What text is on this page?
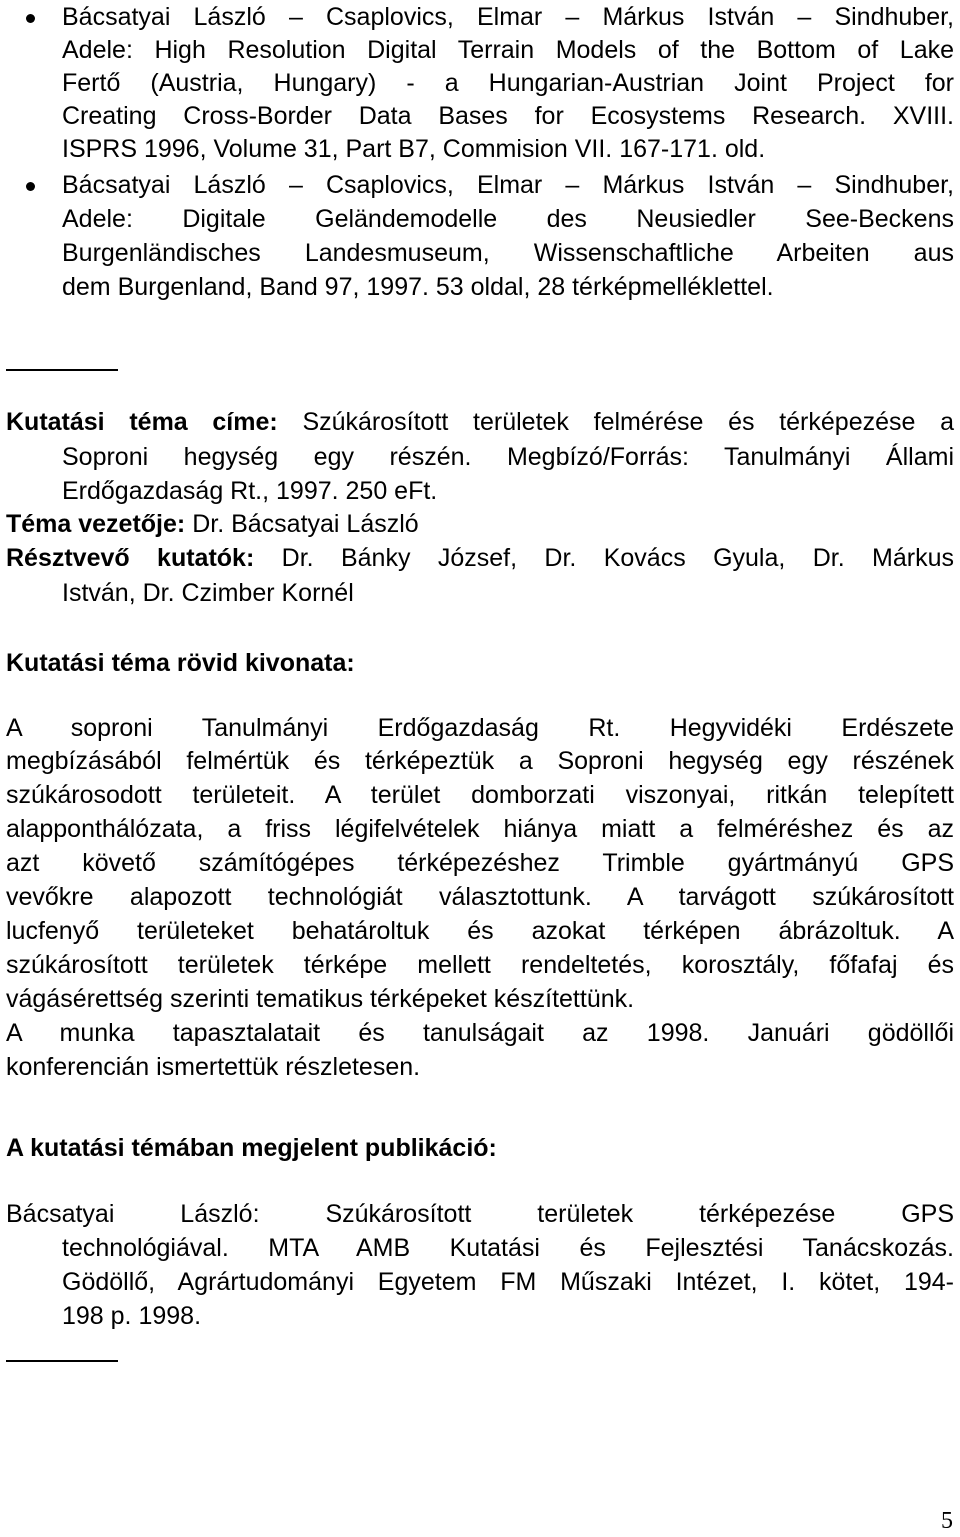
Bácsatyai László – Csaplovics, Elmar – Márkus István – Sindhuber,
Adele: High Resolution Digital Terrain Models of the Bottom of Lake
Fertő (Austria, Hungary) - a Hungarian-Austrian Joint Project for
Creating Cross-Border Data Bases for Ecosystems Research. XVIII.
ISPRS 1996, Volume 31, Part B7, Commision VII. 167-171. old.
Bácsatyai László – Csaplovics, Elmar – Márkus István – Sindhuber,
Adele: Digitale Geländemodelle des Neusiedler See-Beckens
Burgenländisches Landesmuseum, Wissenschaftliche Arbeiten aus
dem Burgenland, Band 97, 1997. 53 oldal, 28 térképmelléklettel.
Kutatási téma címe: Szúkárosított területek felmérése és térképezése a
Soproni hegység egy részén. Megbízó/Forrás: Tanulmányi Állami
Erdőgazdaság Rt., 1997. 250 eFt.
Téma vezetője: Dr. Bácsatyai László
Résztvevő kutatók: Dr. Bánky József, Dr. Kovács Gyula, Dr. Márkus
István, Dr. Czimber Kornél
Kutatási téma rövid kivonata:
A soproni Tanulmányi Erdőgazdaság Rt. Hegyvidéki Erdészete
megbízásából felmértük és térképeztük a Soproni hegység egy részének
szúkárosodott területeit. A terület domborzati viszonyai, ritkán telepített
alapponthálózata, a friss légifelvételek hiánya miatt a felméréshez és az
azt követő számítógépes térképezéshez Trimble gyártmányú GPS
vevőkre alapozott technológiát választottunk. A tarvágott szúkárosított
lucfenyő területeket behatároltuk és azokat térképen ábrázoltuk. A
szúkárosított területek térképe mellett rendeltetés, korosztály, főfafaj és
vágásérettség szerinti tematikus térképeket készítettünk.
A munka tapasztalatait és tanulságait az 1998. Januári gödöllői
konferencián ismertettük részletesen.
A kutatási témában megjelent publikáció:
Bácsatyai László: Szúkárosított területek térképezése GPS
technológiával. MTA AMB Kutatási és Fejlesztési Tanácskozás.
Gödöllő, Agrártudományi Egyetem FM Műszaki Intézet, I. kötet, 194-
198 p. 1998.
5
